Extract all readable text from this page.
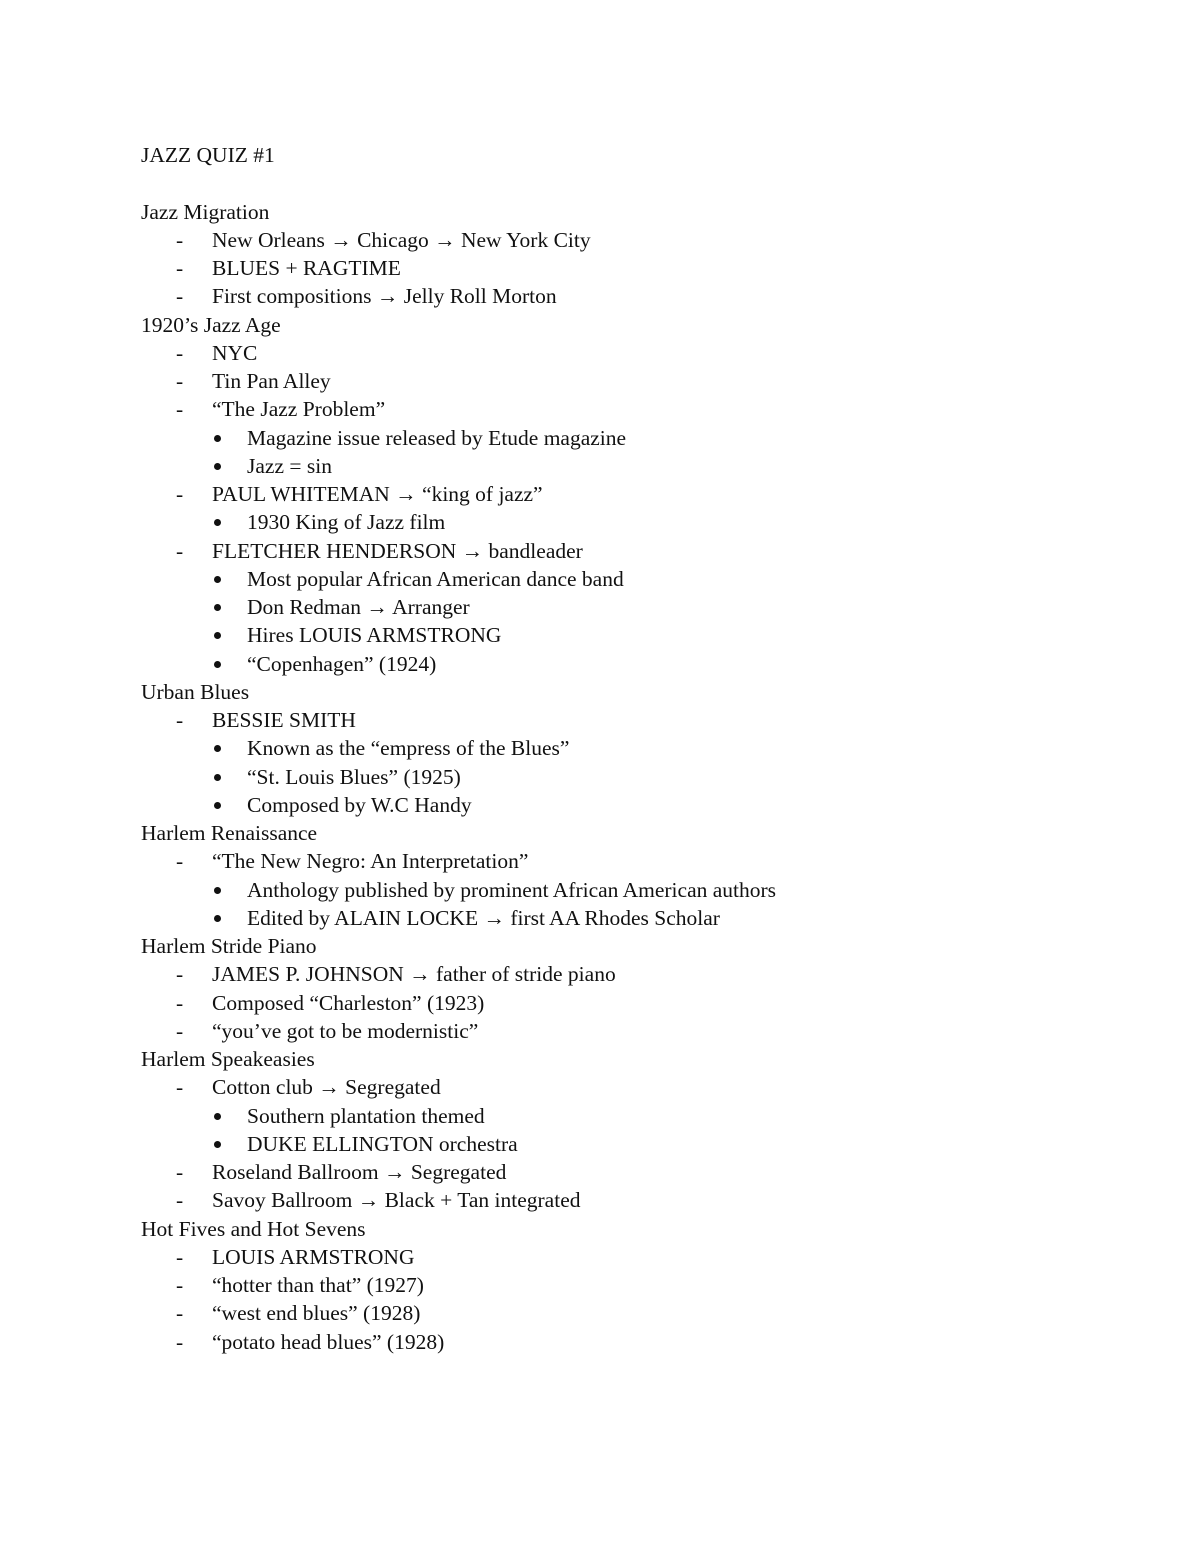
JAZZ QUIZ #1
Jazz Migration
- New Orleans → Chicago → New York City
- BLUES + RAGTIME
- First compositions → Jelly Roll Morton
1920’s Jazz Age
- NYC
- Tin Pan Alley
- “The Jazz Problem”
Magazine issue released by Etude magazine
Jazz = sin
- PAUL WHITEMAN → “king of jazz”
1930 King of Jazz film
- FLETCHER HENDERSON → bandleader
Most popular African American dance band
Don Redman → Arranger
Hires LOUIS ARMSTRONG
“Copenhagen” (1924)
Urban Blues
- BESSIE SMITH
Known as the “empress of the Blues”
“St. Louis Blues” (1925)
Composed by W.C Handy
Harlem Renaissance
- “The New Negro: An Interpretation”
Anthology published by prominent African American authors
Edited by ALAIN LOCKE → first AA Rhodes Scholar
Harlem Stride Piano
- JAMES P. JOHNSON → father of stride piano
- Composed “Charleston” (1923)
- “you’ve got to be modernistic”
Harlem Speakeasies
- Cotton club → Segregated
Southern plantation themed
DUKE ELLINGTON orchestra
- Roseland Ballroom → Segregated
- Savoy Ballroom → Black + Tan integrated
Hot Fives and Hot Sevens
- LOUIS ARMSTRONG
- “hotter than that” (1927)
- “west end blues” (1928)
- “potato head blues” (1928)
